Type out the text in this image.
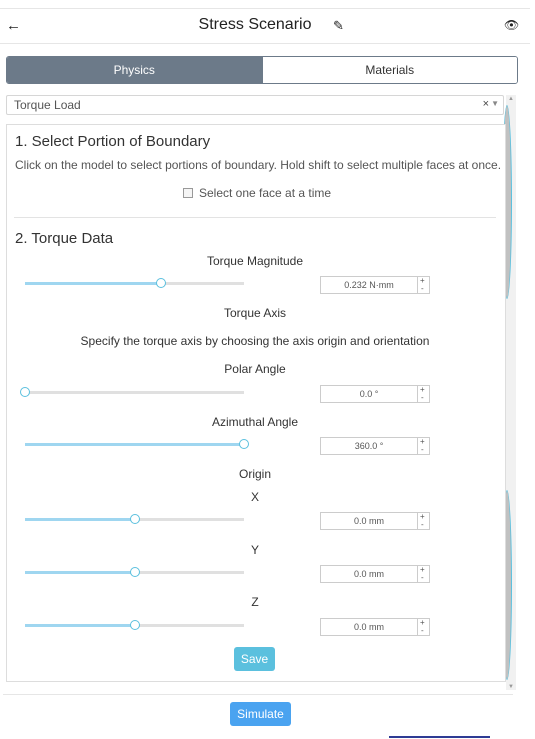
←	Stress Scenario	✎	👁
Physics	Materials
Torque Load	× ▼ ▲
▼
1. Select Portion of Boundary
Click on the model to select portions of boundary. Hold shift to select multiple faces at once.
Select one face at a time
2. Torque Data
Torque Magnitude
0.232 N·mm	+
-
Torque Axis
Specify the torque axis by choosing the axis origin and orientation
Polar Angle
0.0 °	+
-
Azimuthal Angle
360.0 °	+
-
Origin
X
0.0 mm	+
-
Y
0.0 mm	+
-
Z
0.0 mm	+
-
Save
Simulate
